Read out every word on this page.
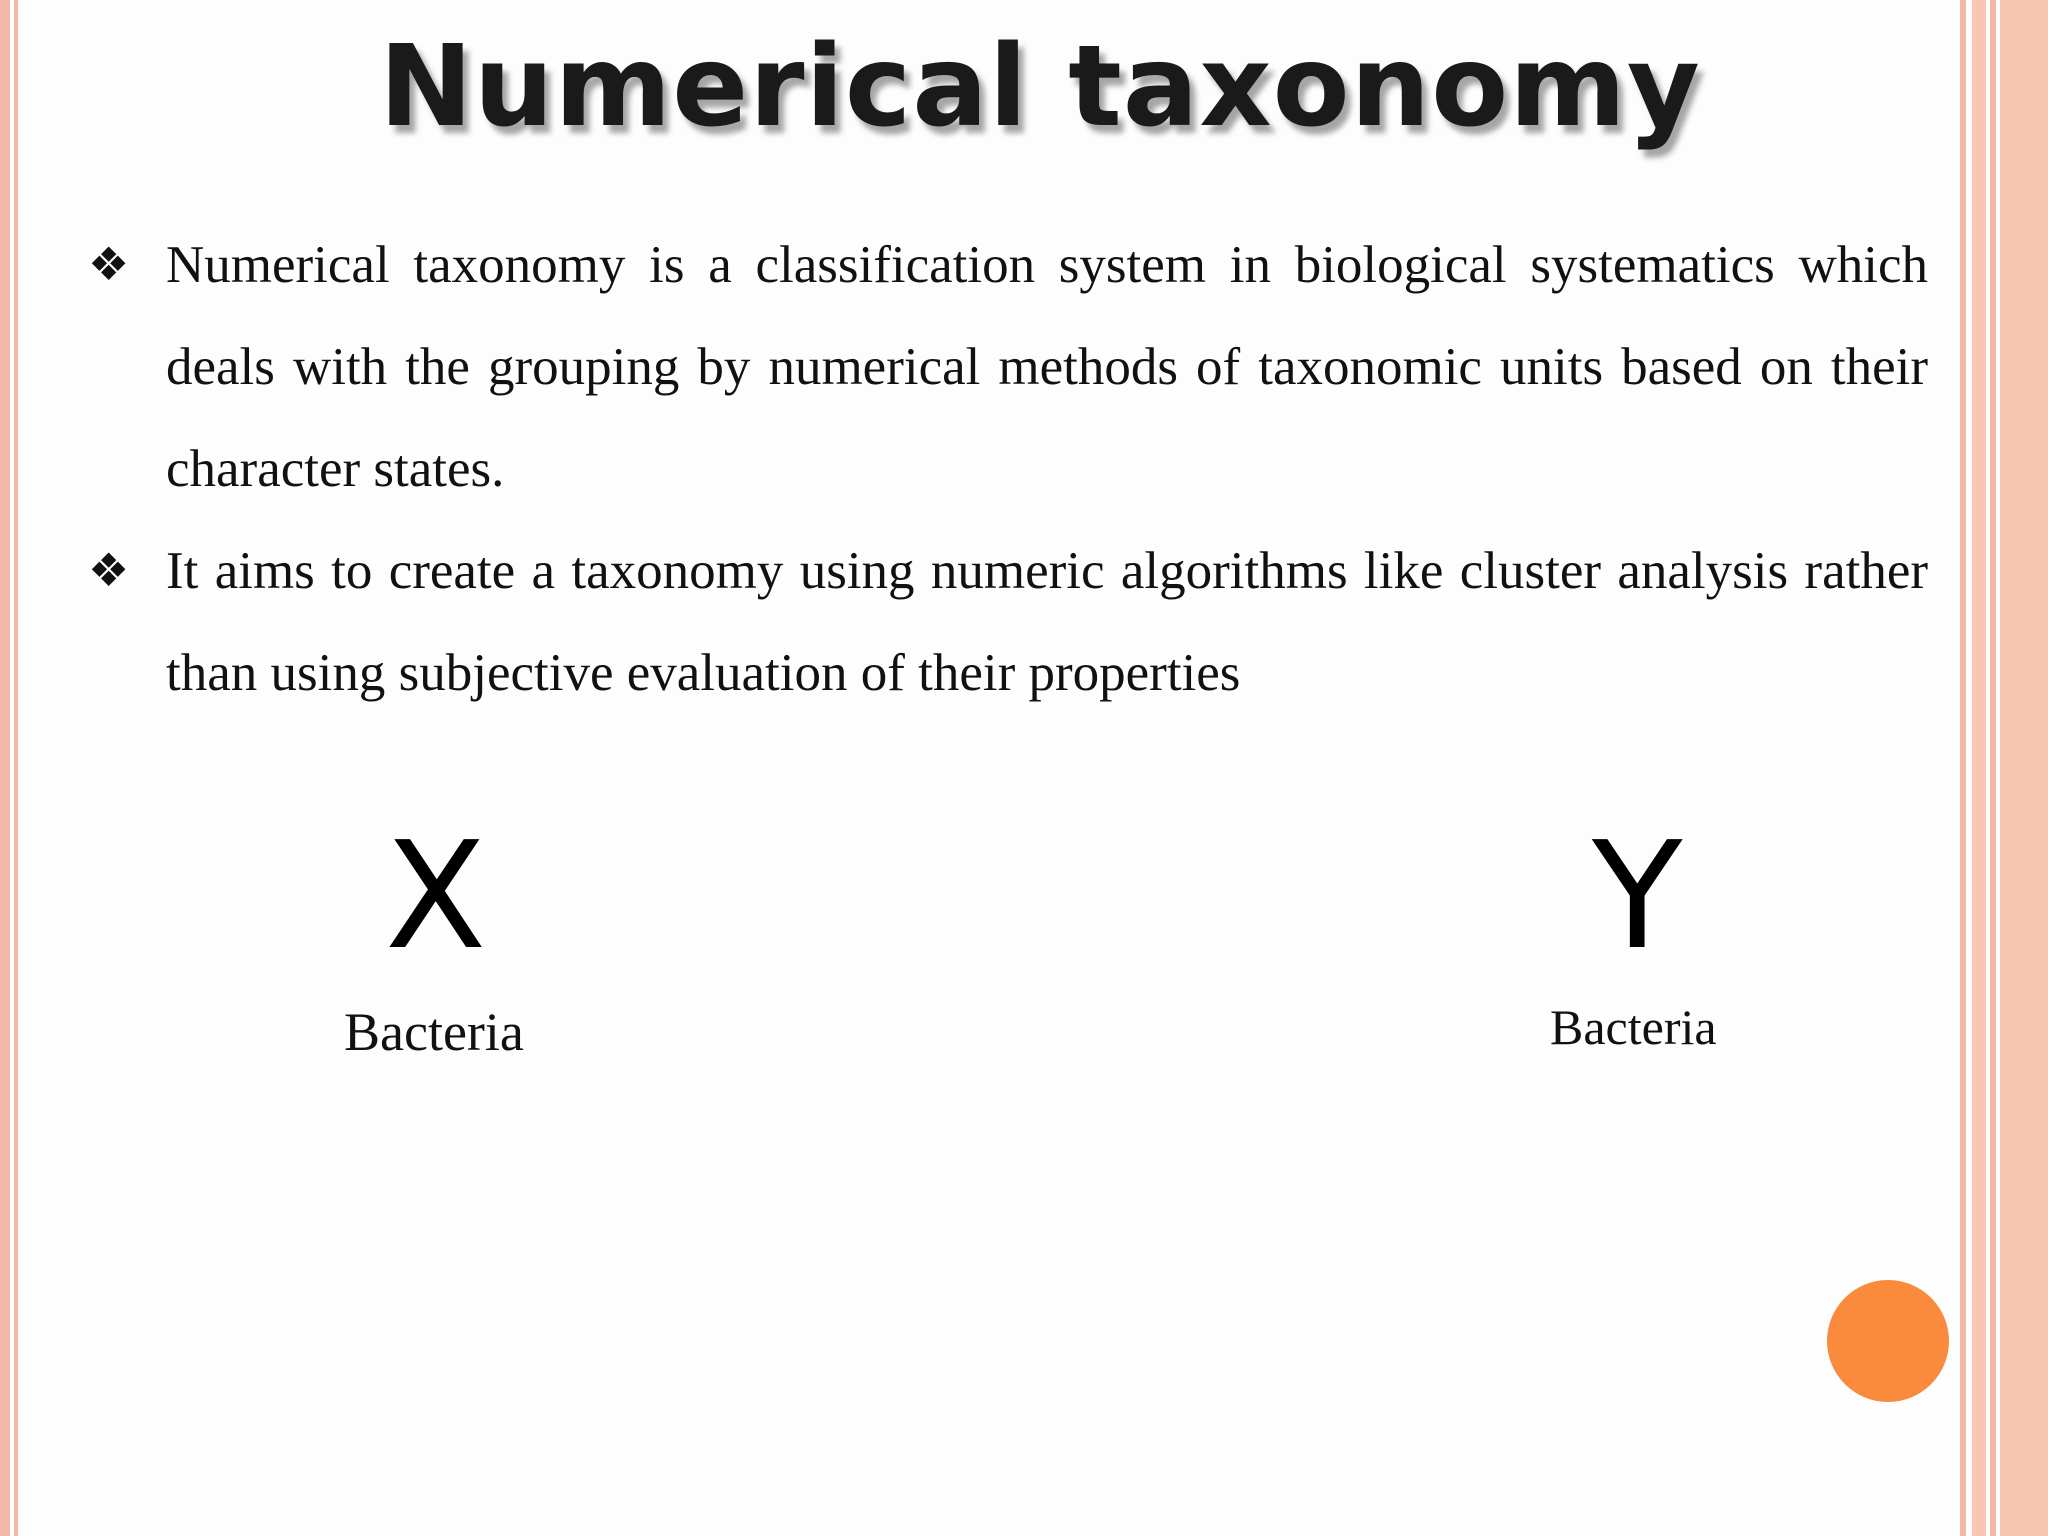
Numerical taxonomy
❖ Numerical taxonomy is a classification system in biological systematics which deals with the grouping by numerical methods of taxonomic units based on their character states.

❖ It aims to create a taxonomy using numeric algorithms like cluster analysis rather than using subjective evaluation of their properties

X
Bacteria
Y
Bacteria
